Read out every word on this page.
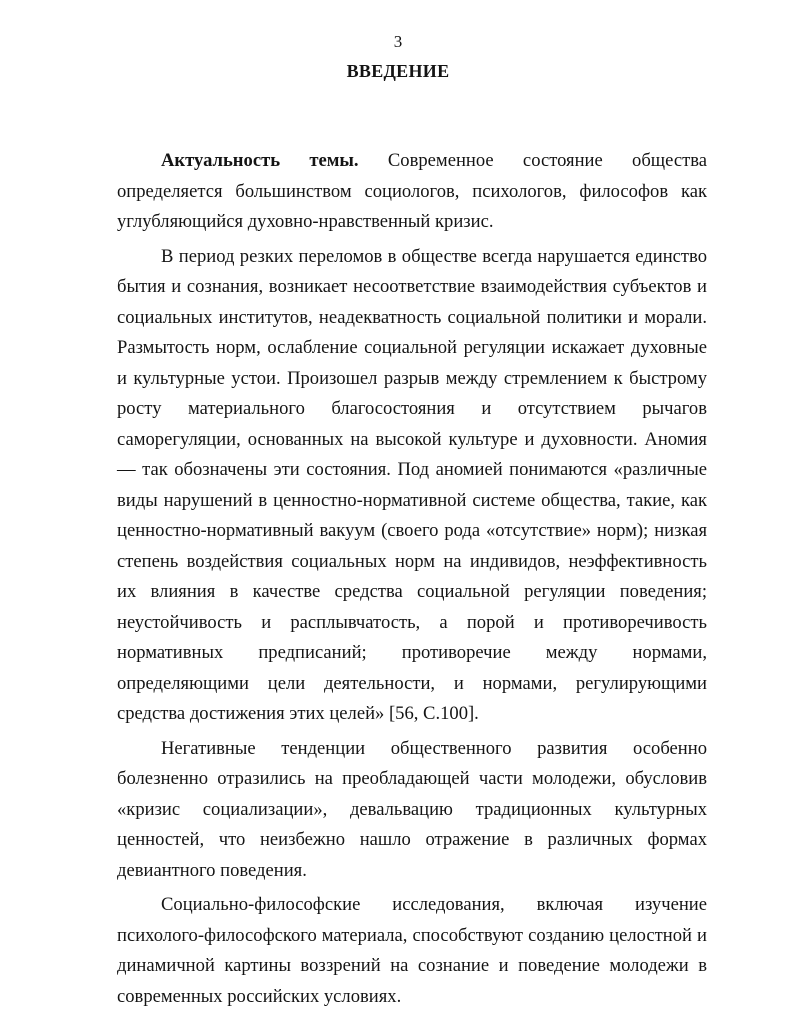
3
ВВЕДЕНИЕ

Актуальность темы. Современное состояние общества определяется большинством социологов, психологов, философов как углубляющийся духовно-нравственный кризис.

В период резких переломов в обществе всегда нарушается единство бытия и сознания, возникает несоответствие взаимодействия субъектов и социальных институтов, неадекватность социальной политики и морали. Размытость норм, ослабление социальной регуляции искажает духовные и культурные устои. Произошел разрыв между стремлением к быстрому росту материального благосостояния и отсутствием рычагов саморегуляции, основанных на высокой культуре и духовности. Аномия — так обозначены эти состояния. Под аномией понимаются «различные виды нарушений в ценностно-нормативной системе общества, такие, как ценностно-нормативный вакуум (своего рода «отсутствие» норм); низкая степень воздействия социальных норм на индивидов, неэффективность их влияния в качестве средства социальной регуляции поведения; неустойчивость и расплывчатость, а порой и противоречивость нормативных предписаний; противоречие между нормами, определяющими цели деятельности, и нормами, регулирующими средства достижения этих целей» [56, С.100].

Негативные тенденции общественного развития особенно болезненно отразились на преобладающей части молодежи, обусловив «кризис социализации», девальвацию традиционных культурных ценностей, что неизбежно нашло отражение в различных формах девиантного поведения.

Социально-философские исследования, включая изучение психолого-философского материала, способствуют созданию целостной и динамичной картины воззрений на сознание и поведение молодежи в современных российских условиях.
